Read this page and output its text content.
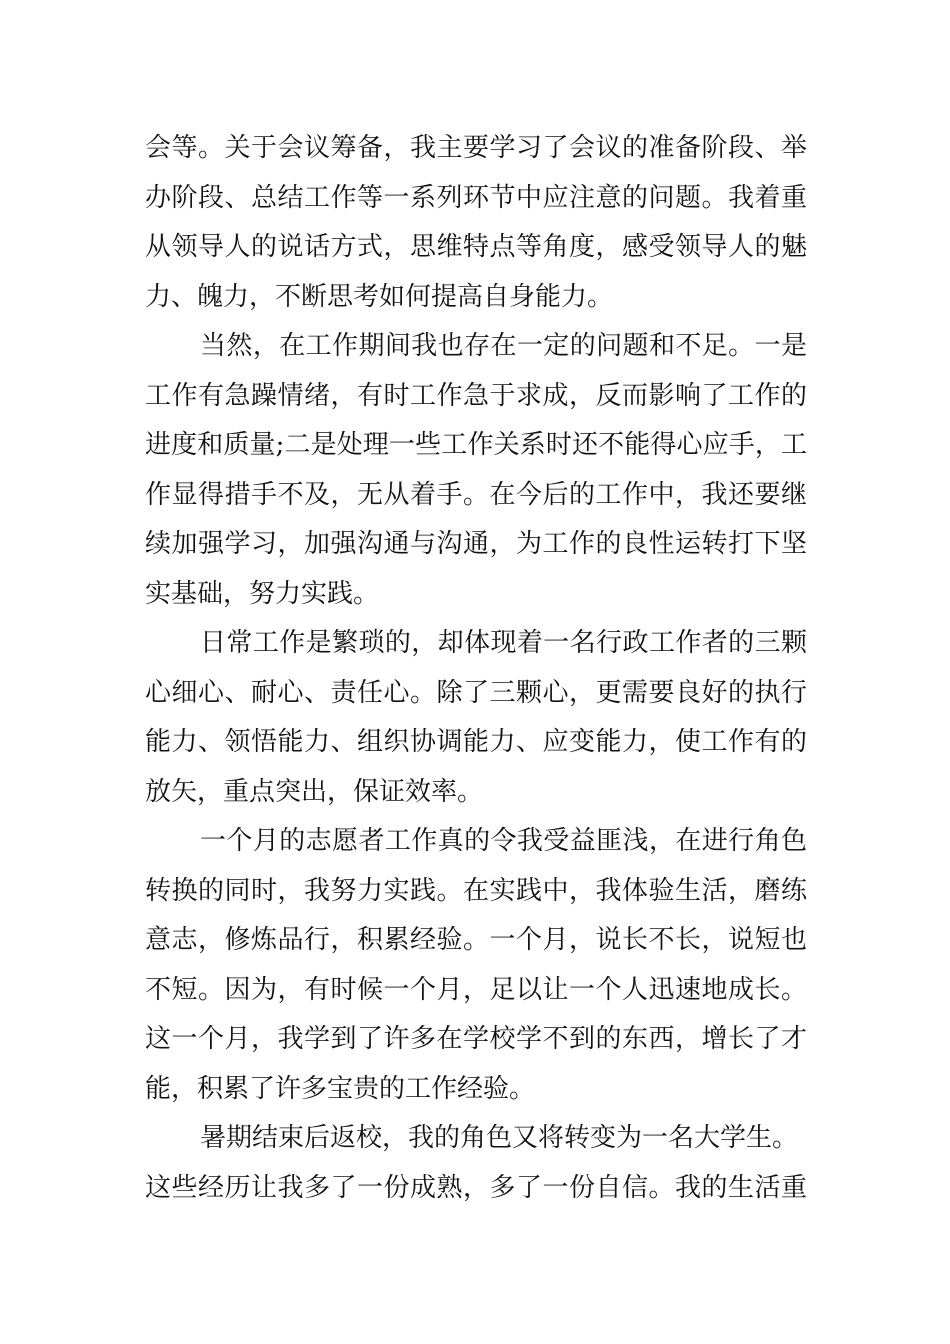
会等。关于会议筹备，我主要学习了会议的准备阶段、举
办阶段、总结工作等一系列环节中应注意的问题。我着重
从领导人的说话方式，思维特点等角度，感受领导人的魅
力、魄力，不断思考如何提高自身能力。
当然，在工作期间我也存在一定的问题和不足。一是
工作有急躁情绪，有时工作急于求成，反而影响了工作的
进度和质量;二是处理一些工作关系时还不能得心应手，工
作显得措手不及，无从着手。在今后的工作中，我还要继
续加强学习，加强沟通与沟通，为工作的良性运转打下坚
实基础，努力实践。
日常工作是繁琐的，却体现着一名行政工作者的三颗
心细心、耐心、责任心。除了三颗心，更需要良好的执行
能力、领悟能力、组织协调能力、应变能力，使工作有的
放矢，重点突出，保证效率。
一个月的志愿者工作真的令我受益匪浅，在进行角色
转换的同时，我努力实践。在实践中，我体验生活，磨练
意志，修炼品行，积累经验。一个月，说长不长，说短也
不短。因为，有时候一个月，足以让一个人迅速地成长。
这一个月，我学到了许多在学校学不到的东西，增长了才
能，积累了许多宝贵的工作经验。
暑期结束后返校，我的角色又将转变为一名大学生。
这些经历让我多了一份成熟，多了一份自信。我的生活重
